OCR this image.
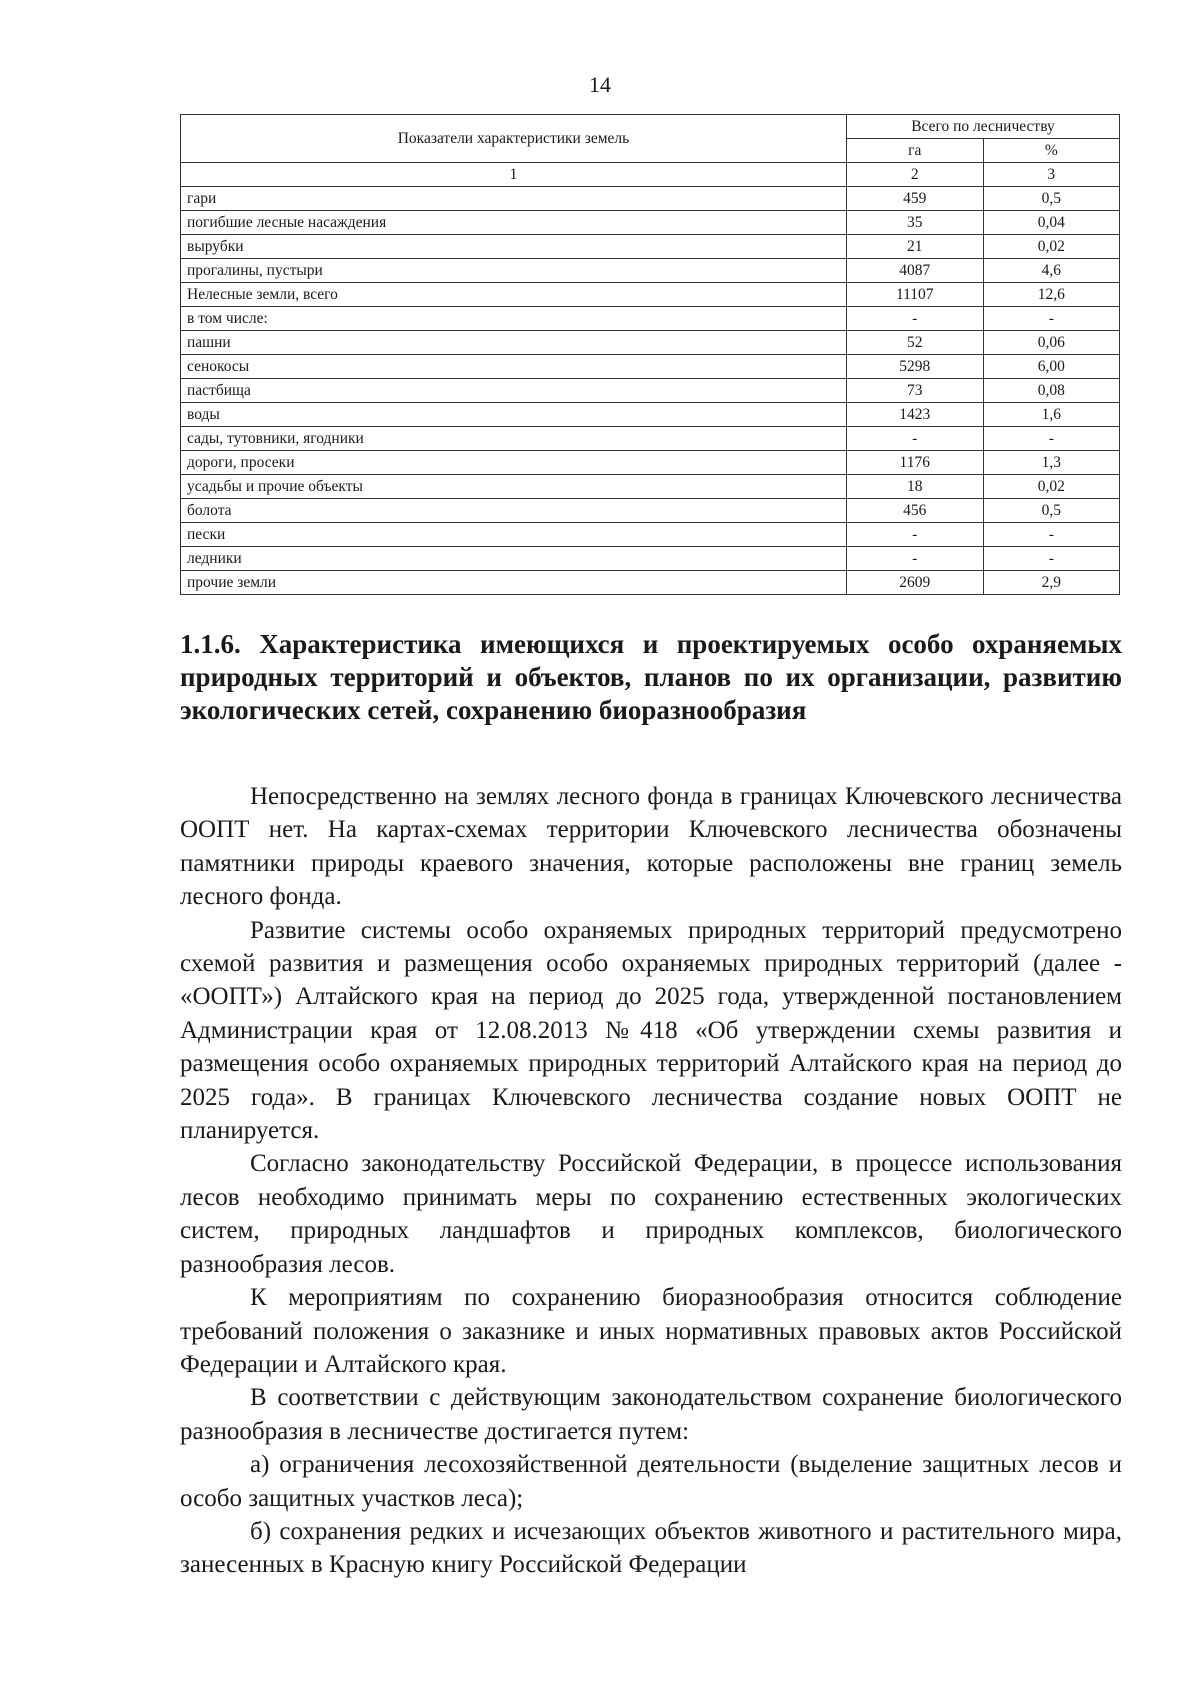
14
Показатели характеристики земель	Всего по лесничеству	
	га	%
1	2	3
гари	459	0,5
погибшие лесные насаждения	35	0,04
вырубки	21	0,02
прогалины, пустыри	4087	4,6
Нелесные земли, всего	11107	12,6
в том числе:	-	-
пашни	52	0,06
сенокосы	5298	6,00
пастбища	73	0,08
воды	1423	1,6
сады, тутовники, ягодники	-	-
дороги, просеки	1176	1,3
усадьбы и прочие объекты	18	0,02
болота	456	0,5
пески	-	-
ледники	-	-
прочие земли	2609	2,9
1.1.6. Характеристика имеющихся и проектируемых особо охраняемых природных территорий и объектов, планов по их организации, развитию экологических сетей, сохранению биоразнообразия

Непосредственно на землях лесного фонда в границах Ключевского лесничества ООПТ нет. На картах-схемах территории Ключевского лесничества обозначены памятники природы краевого значения, которые расположены вне границ земель лесного фонда.

Развитие системы особо охраняемых природных территорий предусмотрено схемой развития и размещения особо охраняемых природных территорий (далее - «ООПТ») Алтайского края на период до 2025 года, утвержденной постановлением Администрации края от 12.08.2013 №418 «Об утверждении схемы развития и размещения особо охраняемых природных территорий Алтайского края на период до 2025 года». В границах Ключевского лесничества создание новых ООПТ не планируется.

Согласно законодательству Российской Федерации, в процессе использования лесов необходимо принимать меры по сохранению естественных экологических систем, природных ландшафтов и природных комплексов, биологического разнообразия лесов.

К мероприятиям по сохранению биоразнообразия относится соблюдение требований положения о заказнике и иных нормативных правовых актов Российской Федерации и Алтайского края.

В соответствии с действующим законодательством сохранение биологического разнообразия в лесничестве достигается путем:

а) ограничения лесохозяйственной деятельности (выделение защитных лесов и особо защитных участков леса);

б) сохранения редких и исчезающих объектов животного и растительного мира, занесенных в Красную книгу Российской Федерации
